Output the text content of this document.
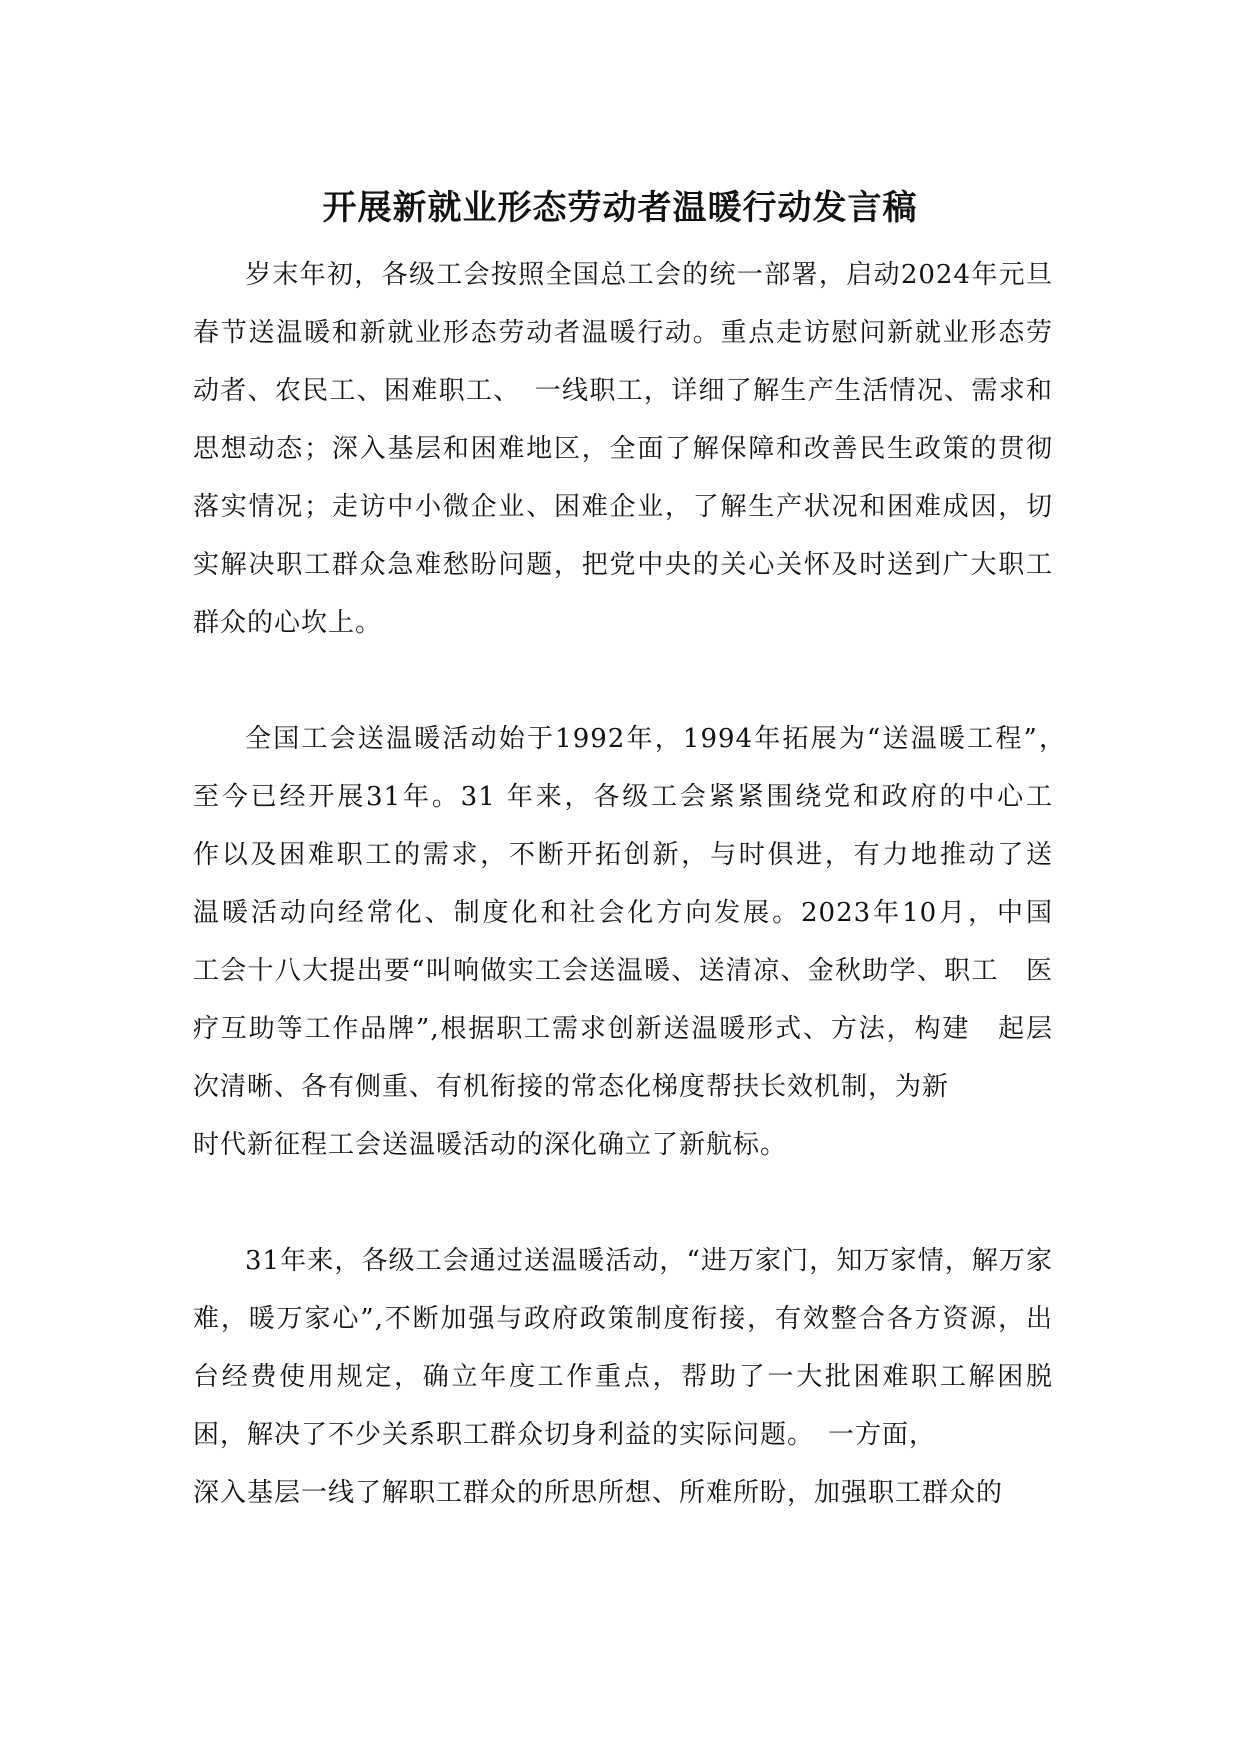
开展新就业形态劳动者温暖行动发言稿

岁末年初，各级工会按照全国总工会的统一部署，启动2024年元旦春节送温暖和新就业形态劳动者温暖行动。重点走访慰问新就业形态劳动者、农民工、困难职工、　一线职工，详细了解生产生活情况、需求和思想动态；深入基层和困难地区，全面了解保障和改善民生政策的贯彻落实情况；走访中小微企业、困难企业，了解生产状况和困难成因，切实解决职工群众急难愁盼问题，把党中央的关心关怀及时送到广大职工群众的心坎上。

全国工会送温暖活动始于1992年，1994年拓展为“送温暖工程”，　至今已经开展31年。31 年来，各级工会紧紧围绕党和政府的中心工　作以及困难职工的需求，不断开拓创新，与时俱进，有力地推动了送　温暖活动向经常化、制度化和社会化方向发展。2023年10月，中国　工会十八大提出要“叫响做实工会送温暖、送清凉、金秋助学、职工　医疗互助等工作品牌”,根据职工需求创新送温暖形式、方法，构建　起层次清晰、各有侧重、有机衔接的常态化梯度帮扶长效机制，为新

时代新征程工会送温暖活动的深化确立了新航标。

31年来，各级工会通过送温暖活动，“进万家门，知万家情，解万家难，暖万家心”,不断加强与政府政策制度衔接，有效整合各方资源，出台经费使用规定，确立年度工作重点，帮助了一大批困难职工解困脱困，解决了不少关系职工群众切身利益的实际问题。　一方面，

深入基层一线了解职工群众的所思所想、所难所盼，加强职工群众的
